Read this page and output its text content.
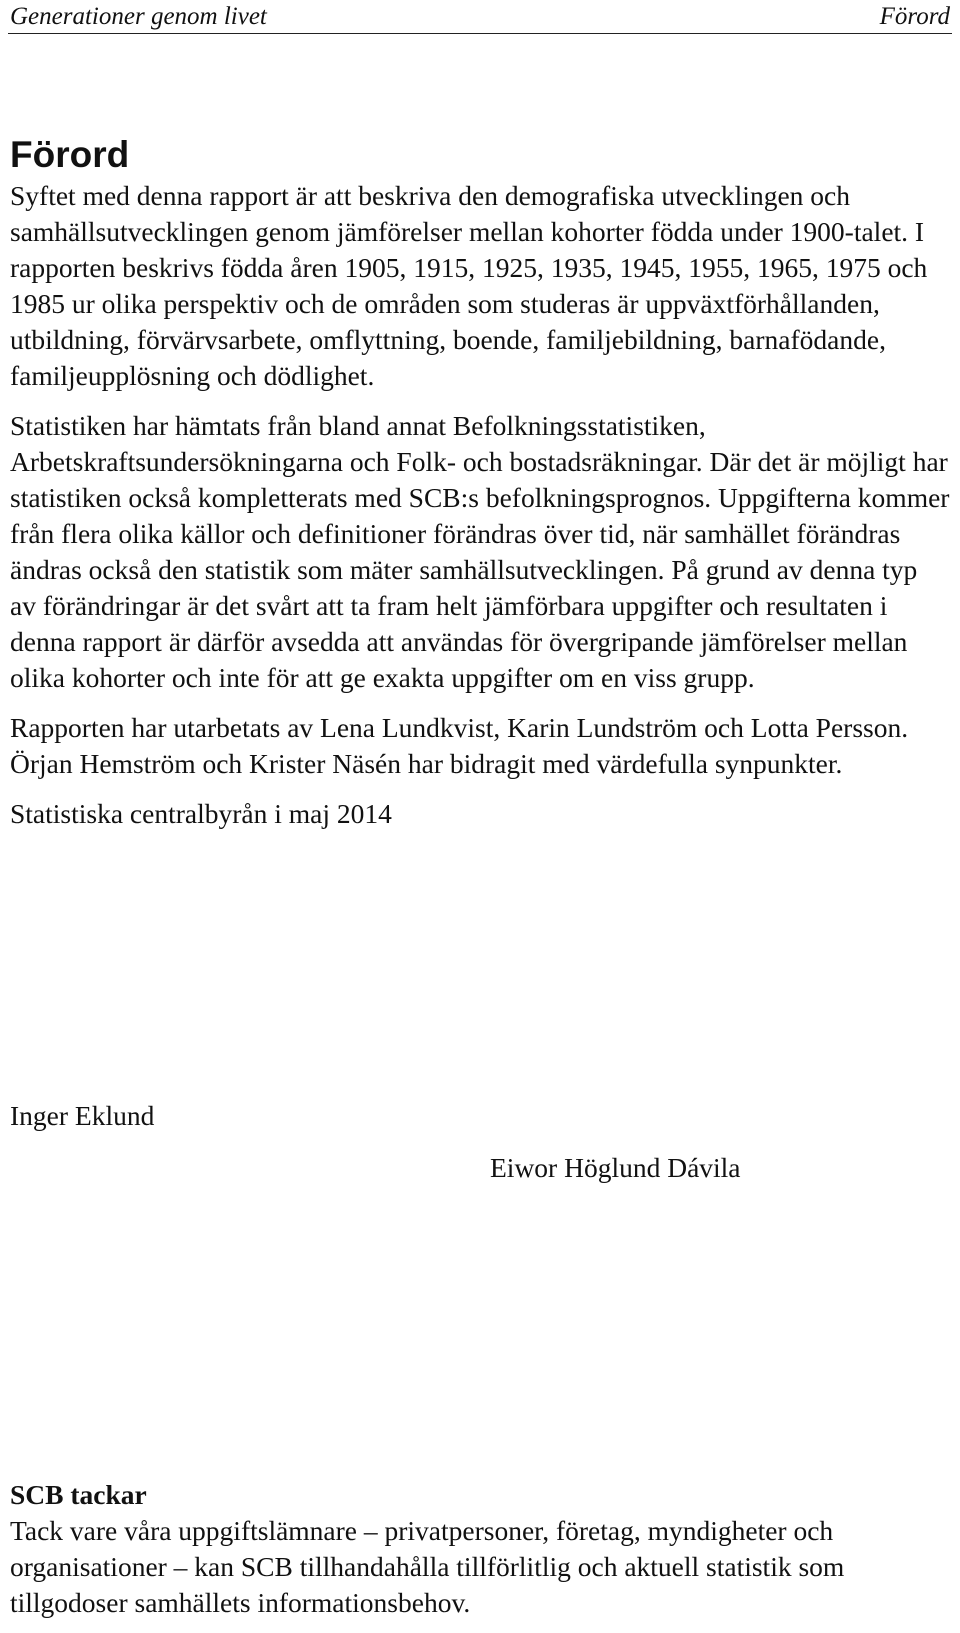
Generationer genom livet	Förord
Förord

Syftet med denna rapport är att beskriva den demografiska utvecklingen och samhällsutvecklingen genom jämförelser mellan kohorter födda under 1900-talet. I rapporten beskrivs födda åren 1905, 1915, 1925, 1935, 1945, 1955, 1965, 1975 och 1985 ur olika perspektiv och de områden som studeras är uppväxtförhållanden, utbildning, förvärvsarbete, omflyttning, boende, familjebildning, barnafödande, familjeupplösning och dödlighet.

Statistiken har hämtats från bland annat Befolkningsstatistiken, Arbetskraftsundersökningarna och Folk- och bostadsräkningar. Där det är möjligt har statistiken också kompletterats med SCB:s befolkningsprognos. Uppgifterna kommer från flera olika källor och definitioner förändras över tid, när samhället förändras ändras också den statistik som mäter samhällsutvecklingen. På grund av denna typ av förändringar är det svårt att ta fram helt jämförbara uppgifter och resultaten i denna rapport är därför avsedda att användas för övergripande jämförelser mellan olika kohorter och inte för att ge exakta uppgifter om en viss grupp.

Rapporten har utarbetats av Lena Lundkvist, Karin Lundström och Lotta Persson. Örjan Hemström och Krister Näsén har bidragit med värdefulla synpunkter.

Statistiska centralbyrån i maj 2014

Inger Eklund
Eiwor Höglund Dávila
SCB tackar

Tack vare våra uppgiftslämnare – privatpersoner, företag, myndigheter och organisationer – kan SCB tillhandahålla tillförlitlig och aktuell statistik som tillgodoser samhällets informationsbehov.
